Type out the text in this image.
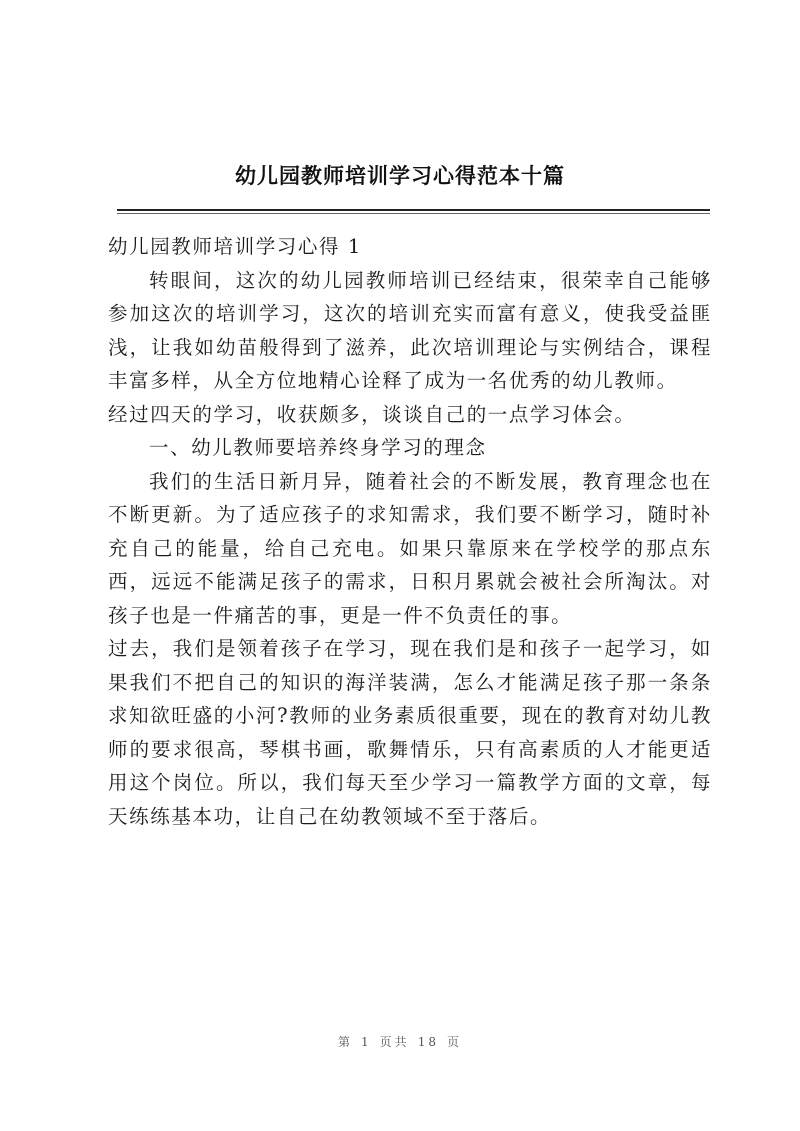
幼儿园教师培训学习心得范本十篇

幼儿园教师培训学习心得 1

转眼间，这次的幼儿园教师培训已经结束，很荣幸自己能够参加这次的培训学习，这次的培训充实而富有意义，使我受益匪浅，让我如幼苗般得到了滋养，此次培训理论与实例结合，课程丰富多样，从全方位地精心诠释了成为一名优秀的幼儿教师。

经过四天的学习，收获颇多，谈谈自己的一点学习体会。

一、幼儿教师要培养终身学习的理念

我们的生活日新月异，随着社会的不断发展，教育理念也在不断更新。为了适应孩子的求知需求，我们要不断学习，随时补充自己的能量，给自己充电。如果只靠原来在学校学的那点东西，远远不能满足孩子的需求，日积月累就会被社会所淘汰。对孩子也是一件痛苦的事，更是一件不负责任的事。

过去，我们是领着孩子在学习，现在我们是和孩子一起学习，如果我们不把自己的知识的海洋装满，怎么才能满足孩子那一条条求知欲旺盛的小河?教师的业务素质很重要，现在的教育对幼儿教师的要求很高，琴棋书画，歌舞情乐，只有高素质的人才能更适用这个岗位。所以，我们每天至少学习一篇教学方面的文章，每天练练基本功，让自己在幼教领域不至于落后。

第 1 页共 18 页
